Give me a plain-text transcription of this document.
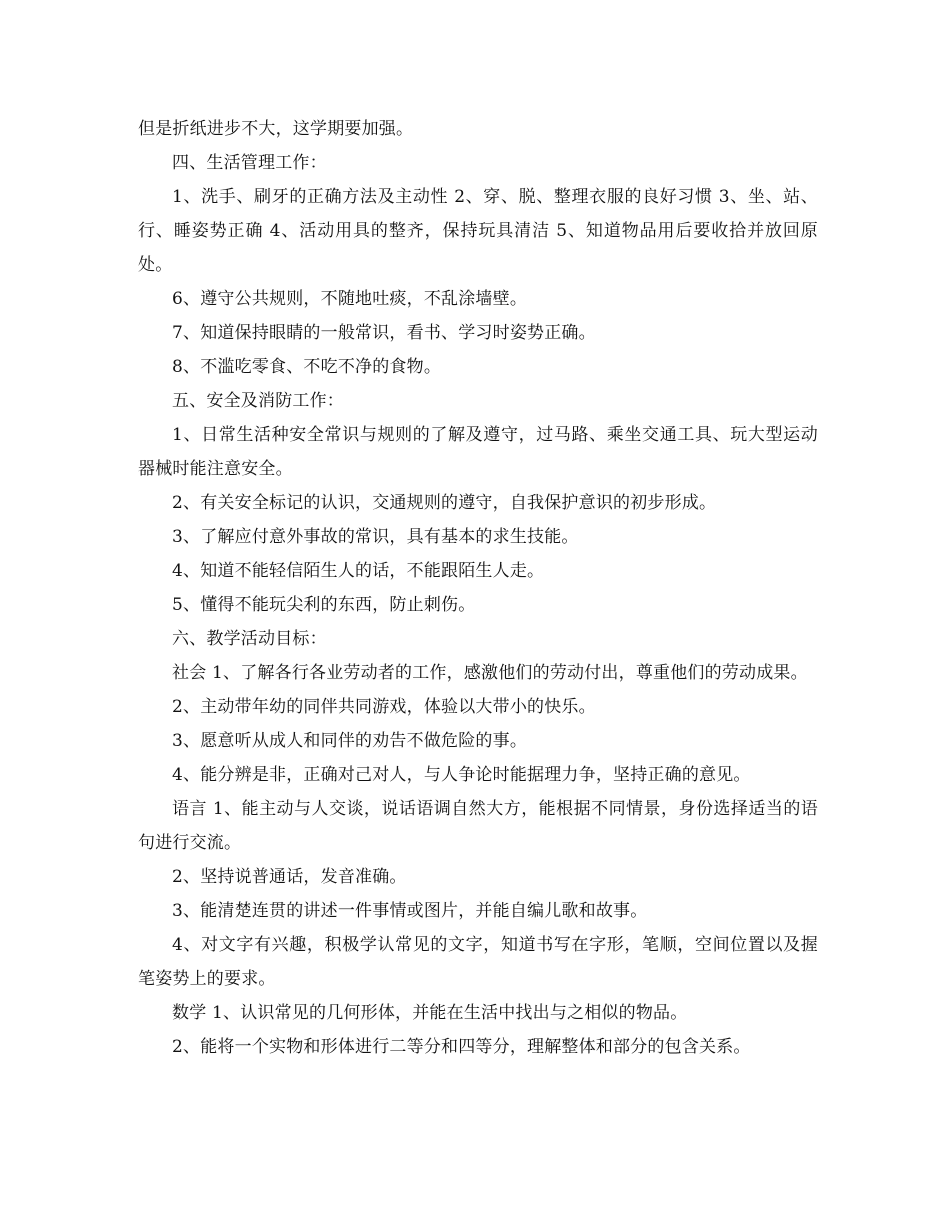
但是折纸进步不大，这学期要加强。

四、生活管理工作：

1、洗手、刷牙的正确方法及主动性 2、穿、脱、整理衣服的良好习惯 3、坐、站、行、睡姿势正确 4、活动用具的整齐，保持玩具清洁 5、知道物品用后要收拾并放回原处。

6、遵守公共规则，不随地吐痰，不乱涂墙壁。

7、知道保持眼睛的一般常识，看书、学习时姿势正确。

8、不滥吃零食、不吃不净的食物。

五、安全及消防工作：

1、日常生活种安全常识与规则的了解及遵守，过马路、乘坐交通工具、玩大型运动器械时能注意安全。

2、有关安全标记的认识，交通规则的遵守，自我保护意识的初步形成。

3、了解应付意外事故的常识，具有基本的求生技能。

4、知道不能轻信陌生人的话，不能跟陌生人走。

5、懂得不能玩尖利的东西，防止刺伤。

六、教学活动目标：

社会 1、了解各行各业劳动者的工作，感激他们的劳动付出，尊重他们的劳动成果。

2、主动带年幼的同伴共同游戏，体验以大带小的快乐。

3、愿意听从成人和同伴的劝告不做危险的事。

4、能分辨是非，正确对己对人，与人争论时能据理力争，坚持正确的意见。

语言 1、能主动与人交谈，说话语调自然大方，能根据不同情景，身份选择适当的语句进行交流。

2、坚持说普通话，发音准确。

3、能清楚连贯的讲述一件事情或图片，并能自编儿歌和故事。

4、对文字有兴趣，积极学认常见的文字，知道书写在字形，笔顺，空间位置以及握笔姿势上的要求。

数学 1、认识常见的几何形体，并能在生活中找出与之相似的物品。

2、能将一个实物和形体进行二等分和四等分，理解整体和部分的包含关系。
